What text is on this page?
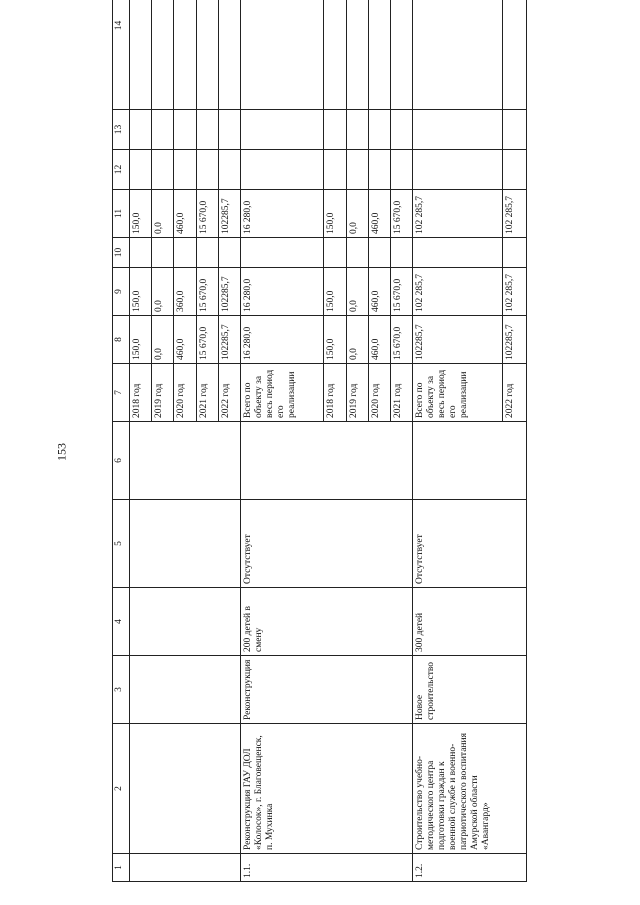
153
1	2	3	4	5	6	7	8	9	10	11	12	13	14
						2018 год	150,0	150,0		150,0			
						2019 год	0,0	0,0		0,0			
						2020 год	460,0	360,0		460,0			
						2021 год	15 670,0	15 670,0		15 670,0			
						2022 год	102285,7	102285,7		102285,7			
1.1.	Реконструкция ГАУ ДОЛ «Колосок», г. Благовещенск, п. Мухинка	Реконструкция	200 детей в смену	Отсутствует		Всего по объекту за весь период его реализации	16 280,0	16 280,0		16 280,0			
						2018 год	150,0	150,0		150,0			
						2019 год	0,0	0,0		0,0			
						2020 год	460,0	460,0		460,0			
						2021 год	15 670,0	15 670,0		15 670,0			
1.2.	Строительство учебно-методического центра подготовки граждан к военной службе и военно-патриотического воспитания Амурской области «Авангард»	Новое строительство	300 детей	Отсутствует		Всего по объекту за весь период его реализации	102285,7	102 285,7		102 285,7			
						2022 год	102285,7	102 285,7		102 285,7			
